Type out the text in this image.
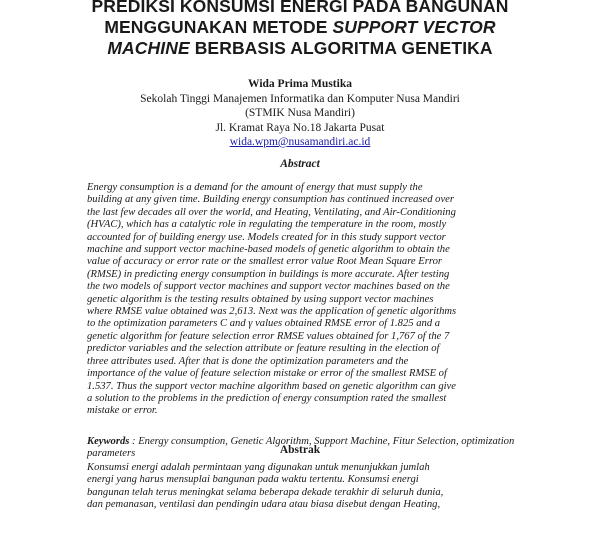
PREDIKSI KONSUMSI ENERGI PADA BANGUNAN
MENGGUNAKAN METODE SUPPORT VECTOR
MACHINE BERBASIS ALGORITMA GENETIKA
Wida Prima Mustika
Sekolah Tinggi Manajemen Informatika dan Komputer Nusa Mandiri
(STMIK Nusa Mandiri)
Jl. Kramat Raya No.18 Jakarta Pusat
wida.wpm@nusamandiri.ac.id
Abstract
Energy consumption is a demand for the amount of energy that must supply the
building at any given time. Building energy consumption has continued increased over
the last few decades all over the world, and Heating, Ventilating, and Air-Conditioning
(HVAC), which has a catalytic role in regulating the temperature in the room, mostly
accounted for of building energy use. Models created for in this study support vector
machine and support vector machine-based models of genetic algorithm to obtain the
value of accuracy or error rate or the smallest error value Root Mean Square Error
(RMSE) in predicting energy consumption in buildings is more accurate. After testing
the two models of support vector machines and support vector machines based on the
genetic algorithm is the testing results obtained by using support vector machines
where RMSE value obtained was 2,613. Next was the application of genetic algorithms
to the optimization parameters C and γ values obtained RMSE error of 1.825 and a
genetic algorithm for feature selection error RMSE values obtained for 1,767 of the 7
predictor variables and the selection attribute or feature resulting in the election of
three attributes used. After that is done the optimization parameters and the
importance of the value of feature selection mistake or error of the smallest RMSE of
1.537. Thus the support vector machine algorithm based on genetic algorithm can give
a solution to the problems in the prediction of energy consumption rated the smallest
mistake or error.
Keywords : Energy consumption, Genetic Algorithm, Support Machine, Fitur Selection, optimization parameters	Abstrak
Konsumsi energi adalah permintaan yang digunakan untuk menunjukkan jumlah
energi yang harus mensuplai bangunan pada waktu tertentu. Konsumsi energi
bangunan telah terus meningkat selama beberapa dekade terakhir di seluruh dunia,
dan pemanasan, ventilasi dan pendingin udara atau biasa disebut dengan Heating,
